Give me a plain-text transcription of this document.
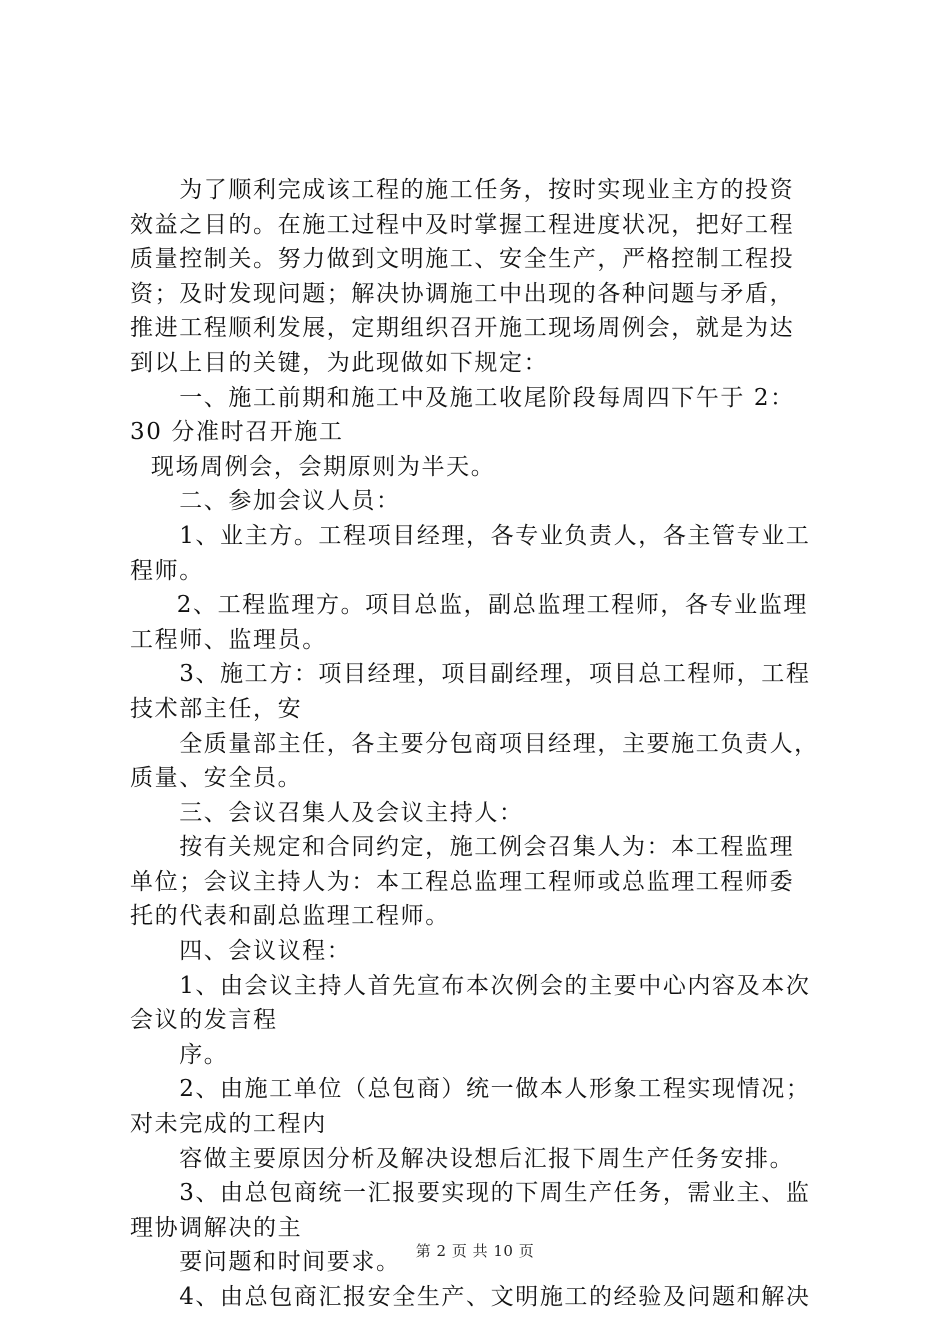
为了顺利完成该工程的施工任务，按时实现业主方的投资
效益之目的。在施工过程中及时掌握工程进度状况，把好工程
质量控制关。努力做到文明施工、安全生产，严格控制工程投
资；及时发现问题；解决协调施工中出现的各种问题与矛盾，
推进工程顺利发展，定期组织召开施工现场周例会，就是为达
到以上目的关键，为此现做如下规定：
一、施工前期和施工中及施工收尾阶段每周四下午于 2：
30 分准时召开施工
现场周例会，会期原则为半天。
二、参加会议人员：
1、业主方。工程项目经理，各专业负责人，各主管专业工
程师。
2、工程监理方。项目总监，副总监理工程师，各专业监理
工程师、监理员。
3、施工方：项目经理，项目副经理，项目总工程师，工程
技术部主任，安
全质量部主任，各主要分包商项目经理，主要施工负责人，
质量、安全员。
三、会议召集人及会议主持人：
按有关规定和合同约定，施工例会召集人为：本工程监理
单位；会议主持人为：本工程总监理工程师或总监理工程师委
托的代表和副总监理工程师。
四、会议议程：
1、由会议主持人首先宣布本次例会的主要中心内容及本次
会议的发言程
序。
2、由施工单位（总包商）统一做本人形象工程实现情况；
对未完成的工程内
容做主要原因分析及解决设想后汇报下周生产任务安排。
3、由总包商统一汇报要实现的下周生产任务，需业主、监
理协调解决的主
要问题和时间要求。
4、由总包商汇报安全生产、文明施工的经验及问题和解决
第 2 页 共 10 页
